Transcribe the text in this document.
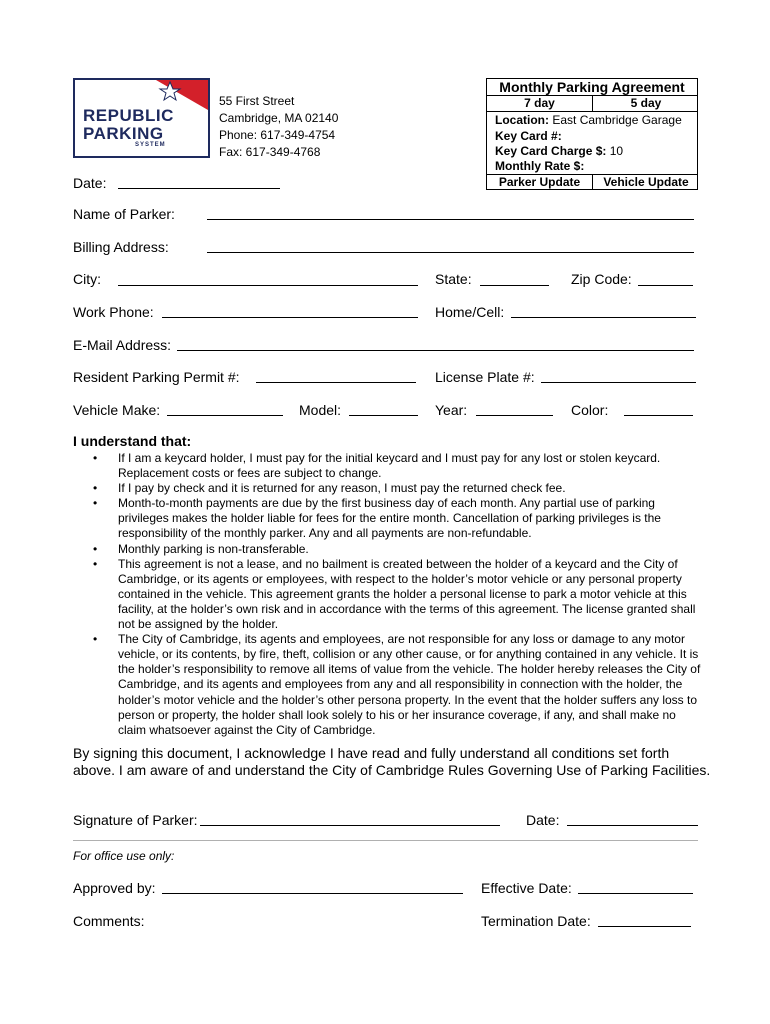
REPUBLIC
PARKING
SYSTEM
55 First Street
Cambridge, MA 02140
Phone: 617-349-4754
Fax: 617-349-4768
Monthly Parking Agreement
7 day	5 day
Location: East Cambridge Garage
Key Card #:
Key Card Charge $: 10
Monthly Rate $:
Parker Update	Vehicle Update
Date:
Name of Parker:
Billing Address:
City:	State:	Zip Code:
Work Phone:	Home/Cell:
E-Mail Address:
Resident Parking Permit #:	License Plate #:
Vehicle Make:	Model:	Year:	Color:
I understand that:
• If I am a keycard holder, I must pay for the initial keycard and I must pay for any lost or stolen keycard. Replacement costs or fees are subject to change.
• If I pay by check and it is returned for any reason, I must pay the returned check fee.
• Month-to-month payments are due by the first business day of each month. Any partial use of parking privileges makes the holder liable for fees for the entire month. Cancellation of parking privileges is the responsibility of the monthly parker. Any and all payments are non-refundable.
• Monthly parking is non-transferable.
• This agreement is not a lease, and no bailment is created between the holder of a keycard and the City of Cambridge, or its agents or employees, with respect to the holder’s motor vehicle or any personal property contained in the vehicle. This agreement grants the holder a personal license to park a motor vehicle at this facility, at the holder’s own risk and in accordance with the terms of this agreement. The license granted shall not be assigned by the holder.
• The City of Cambridge, its agents and employees, are not responsible for any loss or damage to any motor vehicle, or its contents, by fire, theft, collision or any other cause, or for anything contained in any vehicle. It is the holder’s responsibility to remove all items of value from the vehicle. The holder hereby releases the City of Cambridge, and its agents and employees from any and all responsibility in connection with the holder, the holder’s motor vehicle and the holder’s other persona property. In the event that the holder suffers any loss to person or property, the holder shall look solely to his or her insurance coverage, if any, and shall make no claim whatsoever against the City of Cambridge.
By signing this document, I acknowledge I have read and fully understand all conditions set forth above. I am aware of and understand the City of Cambridge Rules Governing Use of Parking Facilities.
Signature of Parker:	Date:
For office use only:
Approved by:	Effective Date:
Comments:	Termination Date:
